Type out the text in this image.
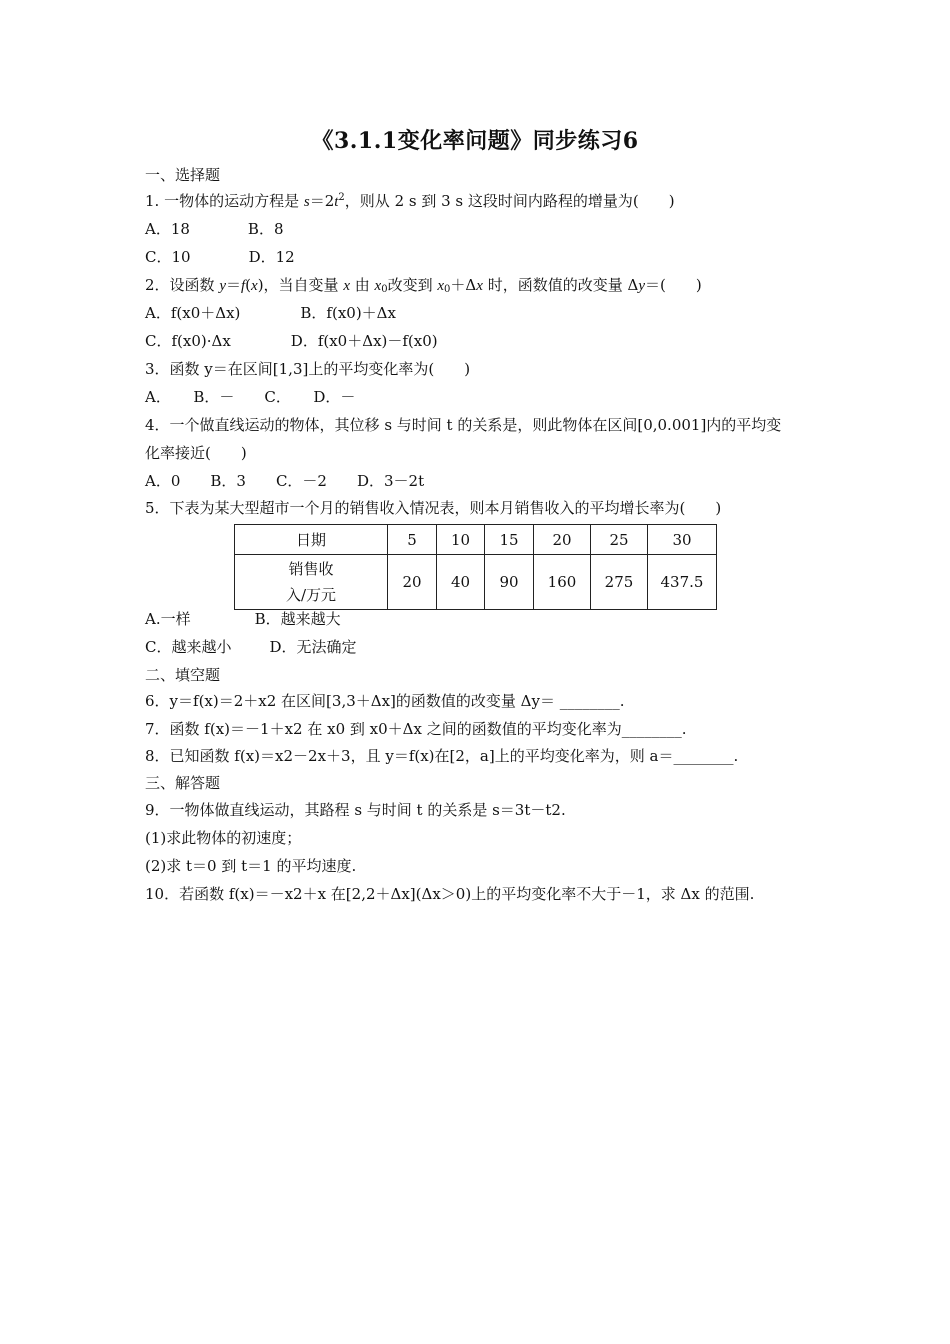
《3.1.1变化率问题》同步练习6
一、选择题
1. 一物体的运动方程是 $s=2t^2$，则从 2 s 到 3 s 这段时间内路程的增量为(　　)
A．18	B．8
C．10	D．12
2．设函数 y＝f(x)，当自变量 x 由 $x_0$改变到 $x_0+\Delta x$ 时，函数值的改变量 Δy＝(　　)
A．f(x0＋Δx)	B．f(x0)＋Δx
C．f(x0)·Δx	D．f(x0＋Δx)－f(x0)
3．函数 y＝在区间[1,3]上的平均变化率为(　　)
A．　　B．－　　C．　　D．－
4．一个做直线运动的物体，其位移 s 与时间 t 的关系是，则此物体在区间[0,0.001]内的平均变
化率接近(　　)
A．0　　B．3　　C．－2　　D．3－2t
5．下表为某大型超市一个月的销售收入情况表，则本月销售收入的平均增长率为(　　)
日期	5	10	15	20	25	30

销售收
入/万元	20	40	90	160	275	437.5
A.一样	B．越来越大
C．越来越小	D．无法确定
二、填空题
6．y＝f(x)＝2＋x2 在区间[3,3＋Δx]的函数值的改变量 Δy＝ ________.
7．函数 f(x)＝－1＋x2 在 x0 到 x0＋Δx 之间的函数值的平均变化率为________.
8．已知函数 f(x)＝x2－2x＋3，且 y＝f(x)在[2，a]上的平均变化率为，则 a＝________.
三、解答题
9．一物体做直线运动，其路程 s 与时间 t 的关系是 s＝3t－t2.
(1)求此物体的初速度；
(2)求 t＝0 到 t＝1 的平均速度.
10．若函数 f(x)＝－x2＋x 在[2,2＋Δx](Δx＞0)上的平均变化率不大于－1，求 Δx 的范围.
